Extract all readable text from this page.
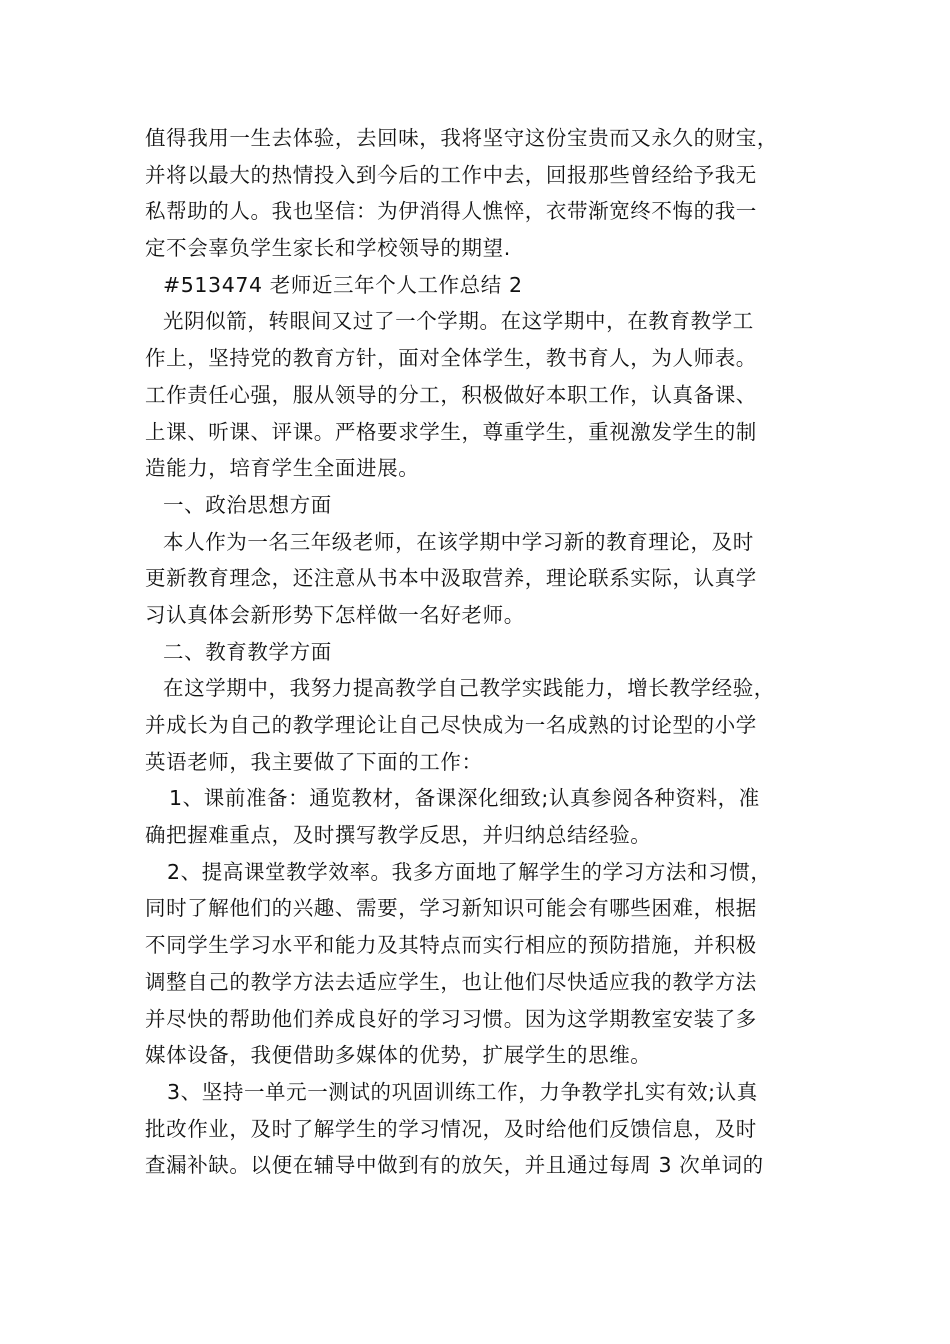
值得我用一生去体验，去回味，我将坚守这份宝贵而又永久的财宝，
并将以最大的热情投入到今后的工作中去，回报那些曾经给予我无
私帮助的人。我也坚信：为伊消得人憔悴，衣带渐宽终不悔的我一
定不会辜负学生家长和学校领导的期望.
#513474 老师近三年个人工作总结 2
光阴似箭，转眼间又过了一个学期。在这学期中，在教育教学工
作上，坚持党的教育方针，面对全体学生，教书育人，为人师表。
工作责任心强，服从领导的分工，积极做好本职工作，认真备课、
上课、听课、评课。严格要求学生，尊重学生，重视激发学生的制
造能力，培育学生全面进展。
一、政治思想方面
本人作为一名三年级老师，在该学期中学习新的教育理论，及时
更新教育理念，还注意从书本中汲取营养，理论联系实际，认真学
习认真体会新形势下怎样做一名好老师。
二、教育教学方面
在这学期中，我努力提高教学自己教学实践能力，增长教学经验，
并成长为自己的教学理论让自己尽快成为一名成熟的讨论型的小学
英语老师，我主要做了下面的工作：
1、课前准备：通览教材，备课深化细致;认真参阅各种资料，准
确把握难重点，及时撰写教学反思，并归纳总结经验。
2、提高课堂教学效率。我多方面地了解学生的学习方法和习惯，
同时了解他们的兴趣、需要，学习新知识可能会有哪些困难，根据
不同学生学习水平和能力及其特点而实行相应的预防措施，并积极
调整自己的教学方法去适应学生，也让他们尽快适应我的教学方法
并尽快的帮助他们养成良好的学习习惯。因为这学期教室安装了多
媒体设备，我便借助多媒体的优势，扩展学生的思维。
3、坚持一单元一测试的巩固训练工作，力争教学扎实有效;认真
批改作业，及时了解学生的学习情况，及时给他们反馈信息，及时
查漏补缺。以便在辅导中做到有的放矢，并且通过每周 3 次单词的
